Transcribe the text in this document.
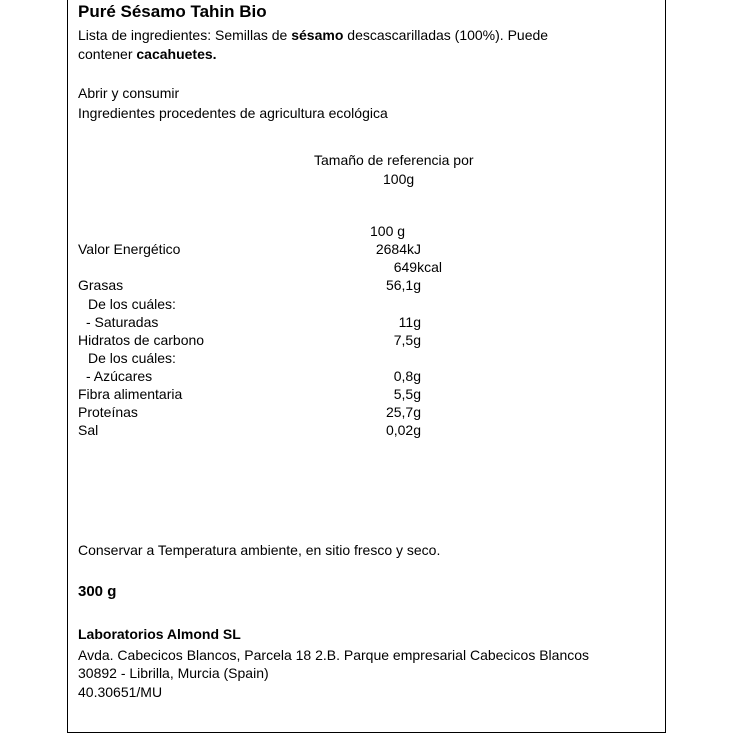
Puré Sésamo Tahin Bio
Lista de ingredientes: Semillas de sésamo descascarilladas (100%). Puede
contener cacahuetes.
Abrir y consumir
Ingredientes procedentes de agricultura ecológica
Tamaño de referencia por
100g
100 g
Valor Energético	2684kJ
649kcal
Grasas	56,1g
De los cuáles:
- Saturadas	11g
Hidratos de carbono	7,5g
De los cuáles:
- Azúcares	0,8g
Fibra alimentaria	5,5g
Proteínas	25,7g
Sal	0,02g
Conservar a Temperatura ambiente, en sitio fresco y seco.
300 g
Laboratorios Almond SL
Avda. Cabecicos Blancos, Parcela 18 2.B. Parque empresarial Cabecicos Blancos
30892 - Librilla, Murcia (Spain)
40.30651/MU
